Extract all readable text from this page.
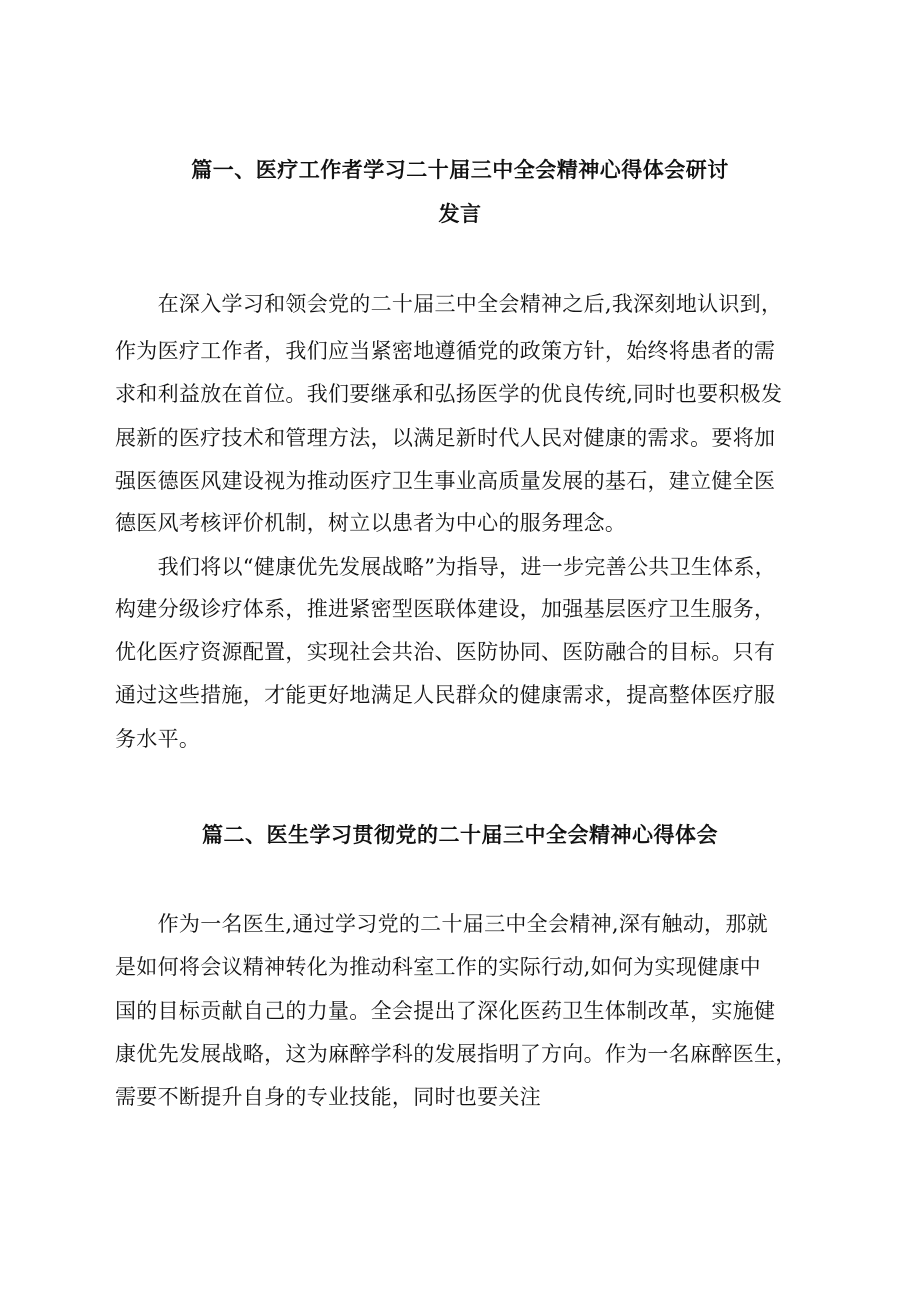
篇一、医疗工作者学习二十届三中全会精神心得体会研讨
发言
　　在深入学习和领会党的二十届三中全会精神之后,我深刻地认识到，
作为医疗工作者，我们应当紧密地遵循党的政策方针，始终将患者的需
求和利益放在首位。我们要继承和弘扬医学的优良传统,同时也要积极发
展新的医疗技术和管理方法，以满足新时代人民对健康的需求。要将加
强医德医风建设视为推动医疗卫生事业高质量发展的基石，建立健全医
德医风考核评价机制，树立以患者为中心的服务理念。
　　我们将以“健康优先发展战略”为指导，进一步完善公共卫生体系，
构建分级诊疗体系，推进紧密型医联体建设，加强基层医疗卫生服务，
优化医疗资源配置，实现社会共治、医防协同、医防融合的目标。只有
通过这些措施，才能更好地满足人民群众的健康需求，提高整体医疗服
务水平。
篇二、医生学习贯彻党的二十届三中全会精神心得体会
　　作为一名医生,通过学习党的二十届三中全会精神,深有触动，那就
是如何将会议精神转化为推动科室工作的实际行动,如何为实现健康中
国的目标贡献自己的力量。全会提出了深化医药卫生体制改革，实施健
康优先发展战略，这为麻醉学科的发展指明了方向。作为一名麻醉医生，
需要不断提升自身的专业技能，同时也要关注
